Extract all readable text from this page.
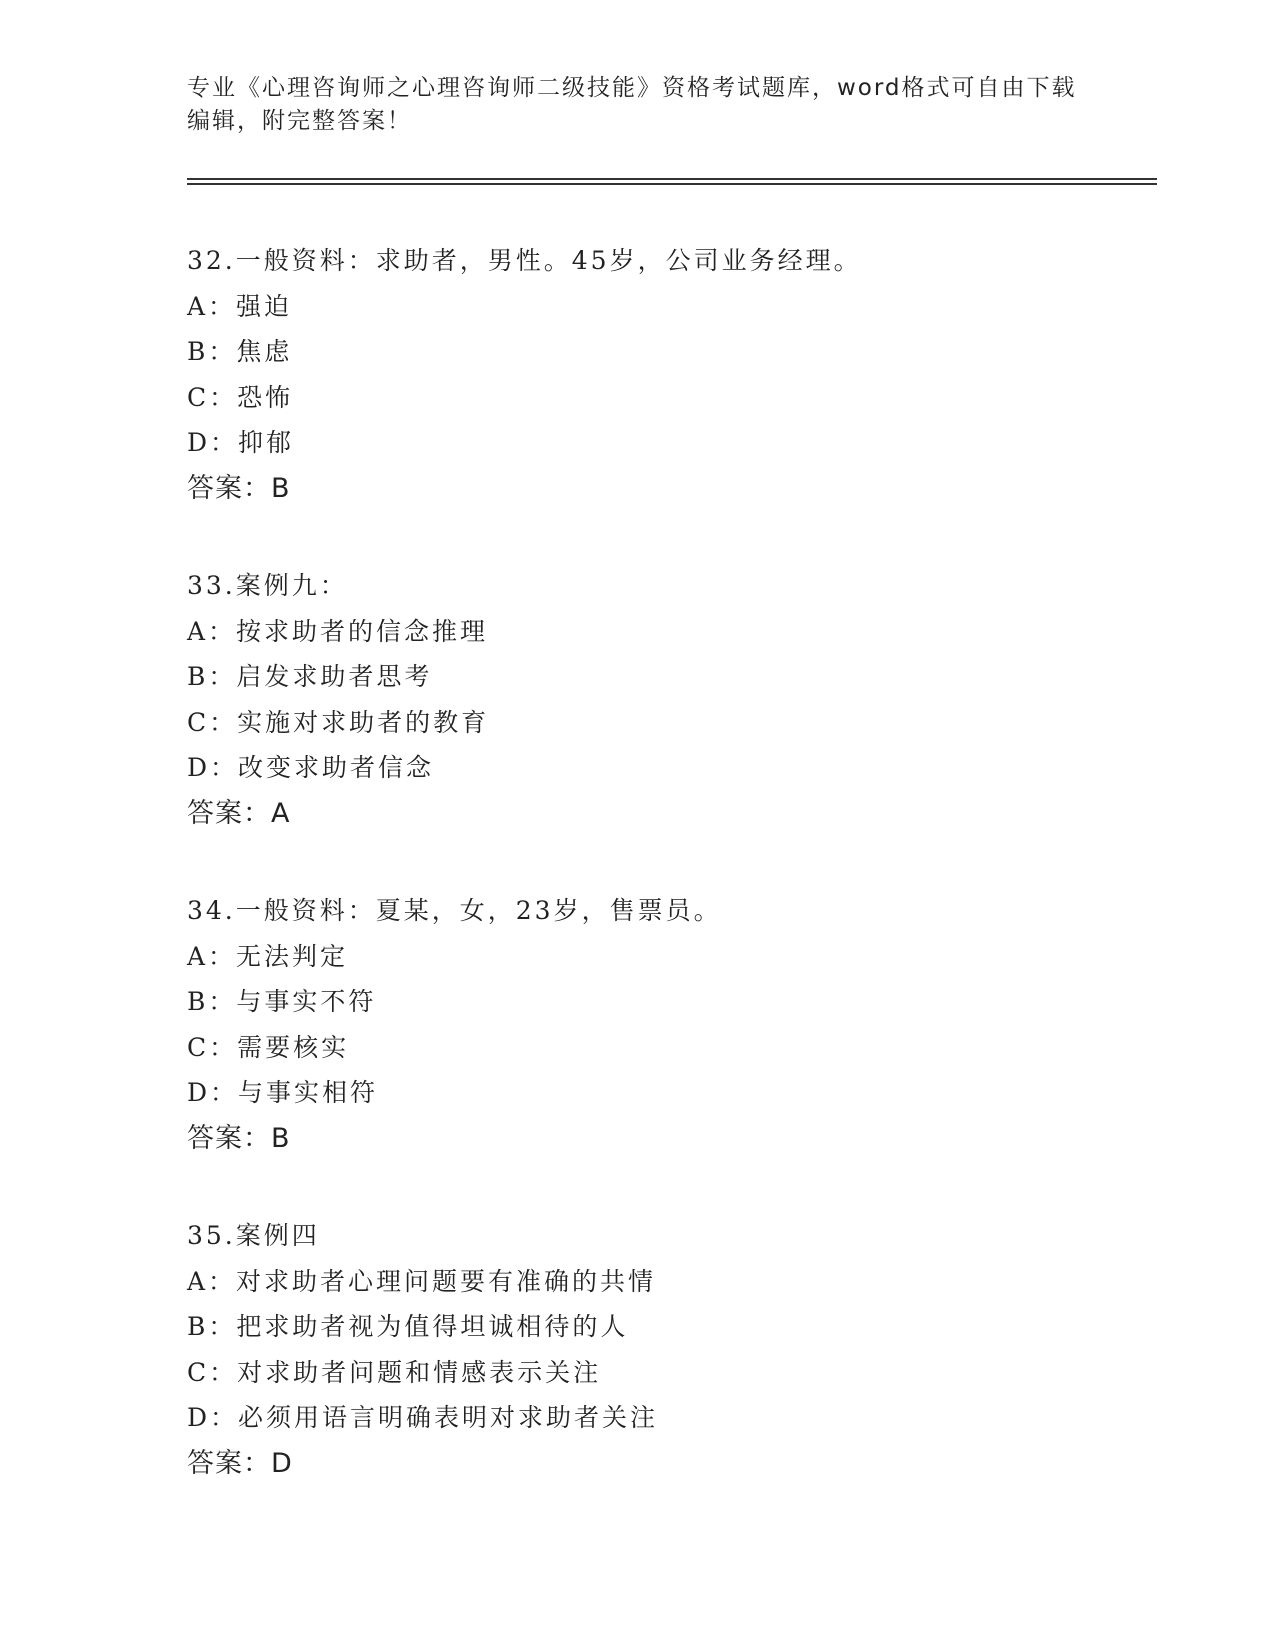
专业《心理咨询师之心理咨询师二级技能》资格考试题库，word格式可自由下载
编辑，附完整答案！
32.一般资料：求助者，男性。45岁，公司业务经理。
A：强迫
B：焦虑
C：恐怖
D：抑郁
答案：B
33.案例九：
A：按求助者的信念推理
B：启发求助者思考
C：实施对求助者的教育
D：改变求助者信念
答案：A
34.一般资料：夏某，女，23岁，售票员。
A：无法判定
B：与事实不符
C：需要核实
D：与事实相符
答案：B
35.案例四
A：对求助者心理问题要有准确的共情
B：把求助者视为值得坦诚相待的人
C：对求助者问题和情感表示关注
D：必须用语言明确表明对求助者关注
答案：D
